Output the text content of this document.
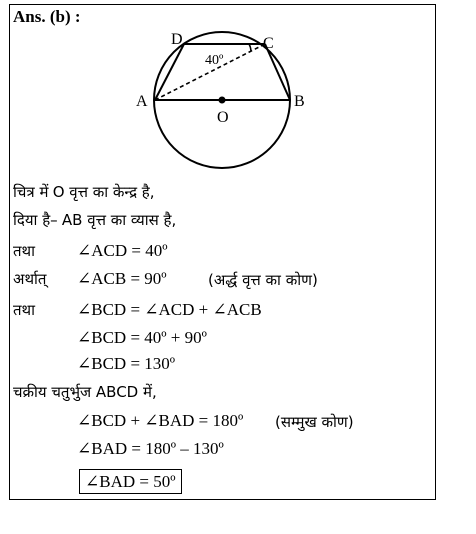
Ans. (b) :
D	C
A	B
O
40º
चित्र में O वृत्त का केन्द्र है,
दिया है– AB वृत्त का व्यास है,
तथा ∠ACD = 40º
अर्थात् ∠ACB = 90º	(अर्द्ध वृत्त का कोण)
तथा ∠BCD = ∠ACD + ∠ACB
∠BCD = 40º + 90º
∠BCD = 130º
चक्रीय चतुर्भुज ABCD में,
∠BCD + ∠BAD = 180º (सम्मुख कोण)
∠BAD = 180º – 130º
∠BAD = 50º
